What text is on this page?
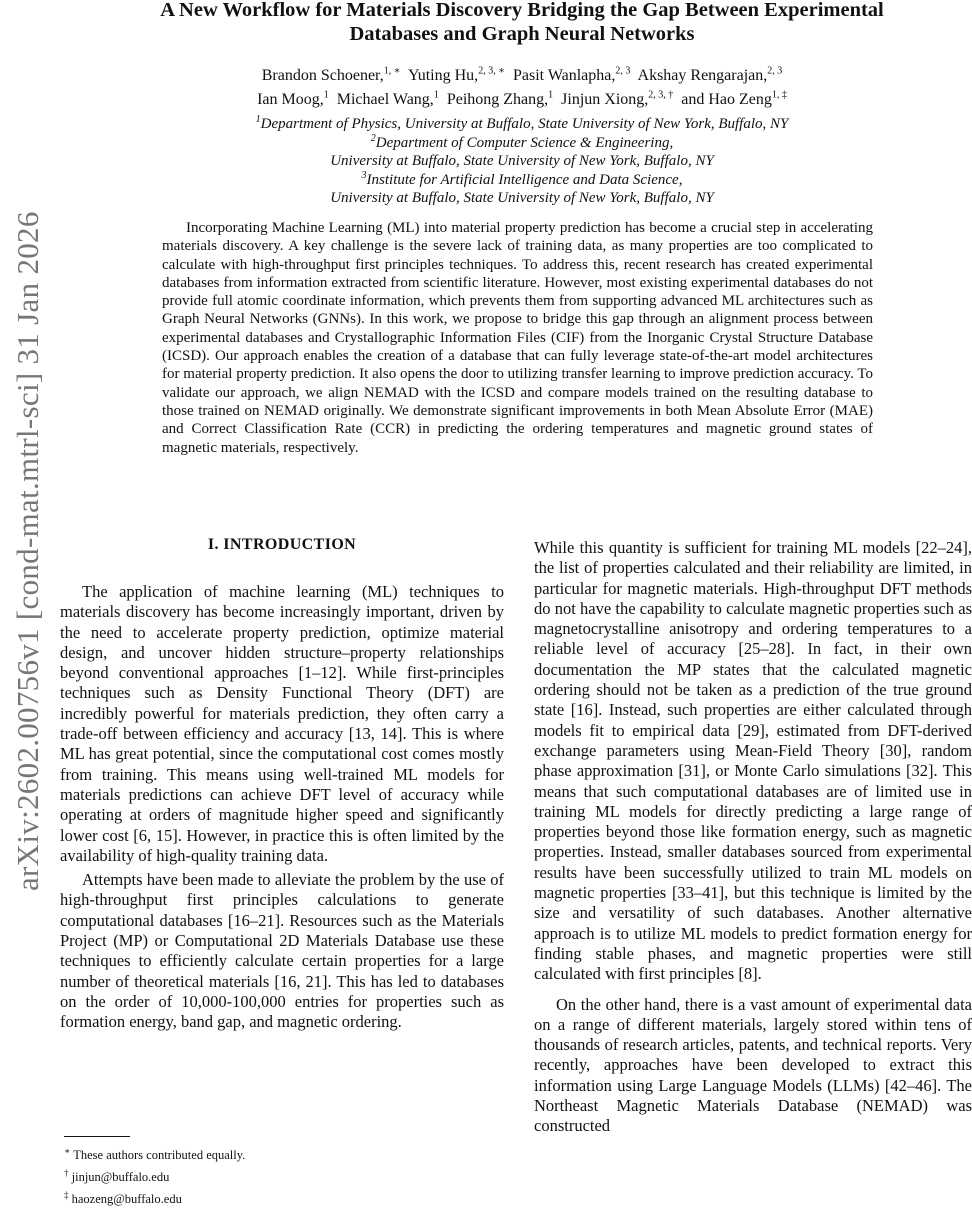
arXiv:2602.00756v1 [cond-mat.mtrl-sci] 31 Jan 2026
A New Workflow for Materials Discovery Bridging the Gap Between Experimental
Databases and Graph Neural Networks
Brandon Schoener,$^{1, ∗}$ Yuting Hu,$^{2, 3, ∗}$ Pasit Wanlapha,$^{2, 3}$ Akshay Rengarajan,$^{2, 3}$
Ian Moog,$^1$ Michael Wang,$^1$ Peihong Zhang,$^1$ Jinjun Xiong,$^{2, 3, \dagger}$ and Hao Zeng$^{1, \ddagger}$
$^1$Department of Physics, University at Buffalo, State University of New York, Buffalo, NY
$^2$Department of Computer Science & Engineering,
University at Buffalo, State University of New York, Buffalo, NY
$^3$Institute for Artificial Intelligence and Data Science,
University at Buffalo, State University of New York, Buffalo, NY

Incorporating Machine Learning (ML) into material property prediction has become a crucial step in accelerating materials discovery. A key challenge is the severe lack of training data, as many properties are too complicated to calculate with high-throughput first principles techniques. To address this, recent research has created experimental databases from information extracted from scientific literature. However, most existing experimental databases do not provide full atomic coordinate information, which prevents them from supporting advanced ML architectures such as Graph Neural Networks (GNNs). In this work, we propose to bridge this gap through an alignment process between experimental databases and Crystallographic Information Files (CIF) from the Inorganic Crystal Structure Database (ICSD). Our approach enables the creation of a database that can fully leverage state-of-the-art model architectures for material property prediction. It also opens the door to utilizing transfer learning to improve prediction accuracy. To validate our approach, we align NEMAD with the ICSD and compare models trained on the resulting database to those trained on NEMAD originally. We demonstrate significant improvements in both Mean Absolute Error (MAE) and Correct Classification Rate (CCR) in predicting the ordering temperatures and magnetic ground states of magnetic materials, respectively.

I. INTRODUCTION

The application of machine learning (ML) techniques to materials discovery has become increasingly important, driven by the need to accelerate property prediction, optimize material design, and uncover hidden structure–property relationships beyond conventional approaches [1–12]. While first-principles techniques such as Density Functional Theory (DFT) are incredibly powerful for materials prediction, they often carry a trade-off between efficiency and accuracy [13, 14]. This is where ML has great potential, since the computational cost comes mostly from training. This means using well-trained ML models for materials predictions can achieve DFT level of accuracy while operating at orders of magnitude higher speed and significantly lower cost [6, 15]. However, in practice this is often limited by the availability of high-quality training data.

Attempts have been made to alleviate the problem by the use of high-throughput first principles calculations to generate computational databases [16–21]. Resources such as the Materials Project (MP) or Computational 2D Materials Database use these techniques to efficiently calculate certain properties for a large number of theoretical materials [16, 21]. This has led to databases on the order of 10,000-100,000 entries for properties such as formation energy, band gap, and magnetic ordering.

While this quantity is sufficient for training ML models [22–24], the list of properties calculated and their reliability are limited, in particular for magnetic materials. High-throughput DFT methods do not have the capability to calculate magnetic properties such as magnetocrystalline anisotropy and ordering temperatures to a reliable level of accuracy [25–28]. In fact, in their own documentation the MP states that the calculated magnetic ordering should not be taken as a prediction of the true ground state [16]. Instead, such properties are either calculated through models fit to empirical data [29], estimated from DFT-derived exchange parameters using Mean-Field Theory [30], random phase approximation [31], or Monte Carlo simulations [32]. This means that such computational databases are of limited use in training ML models for directly predicting a large range of properties beyond those like formation energy, such as magnetic properties. Instead, smaller databases sourced from experimental results have been successfully utilized to train ML models on magnetic properties [33–41], but this technique is limited by the size and versatility of such databases. Another alternative approach is to utilize ML models to predict formation energy for finding stable phases, and magnetic properties were still calculated with first principles [8].

On the other hand, there is a vast amount of experimental data on a range of different materials, largely stored within tens of thousands of research articles, patents, and technical reports. Very recently, approaches have been developed to extract this information using Large Language Models (LLMs) [42–46]. The Northeast Magnetic Materials Database (NEMAD) was constructed

∗ These authors contributed equally.
† jinjun@buffalo.edu
‡ haozeng@buffalo.edu
